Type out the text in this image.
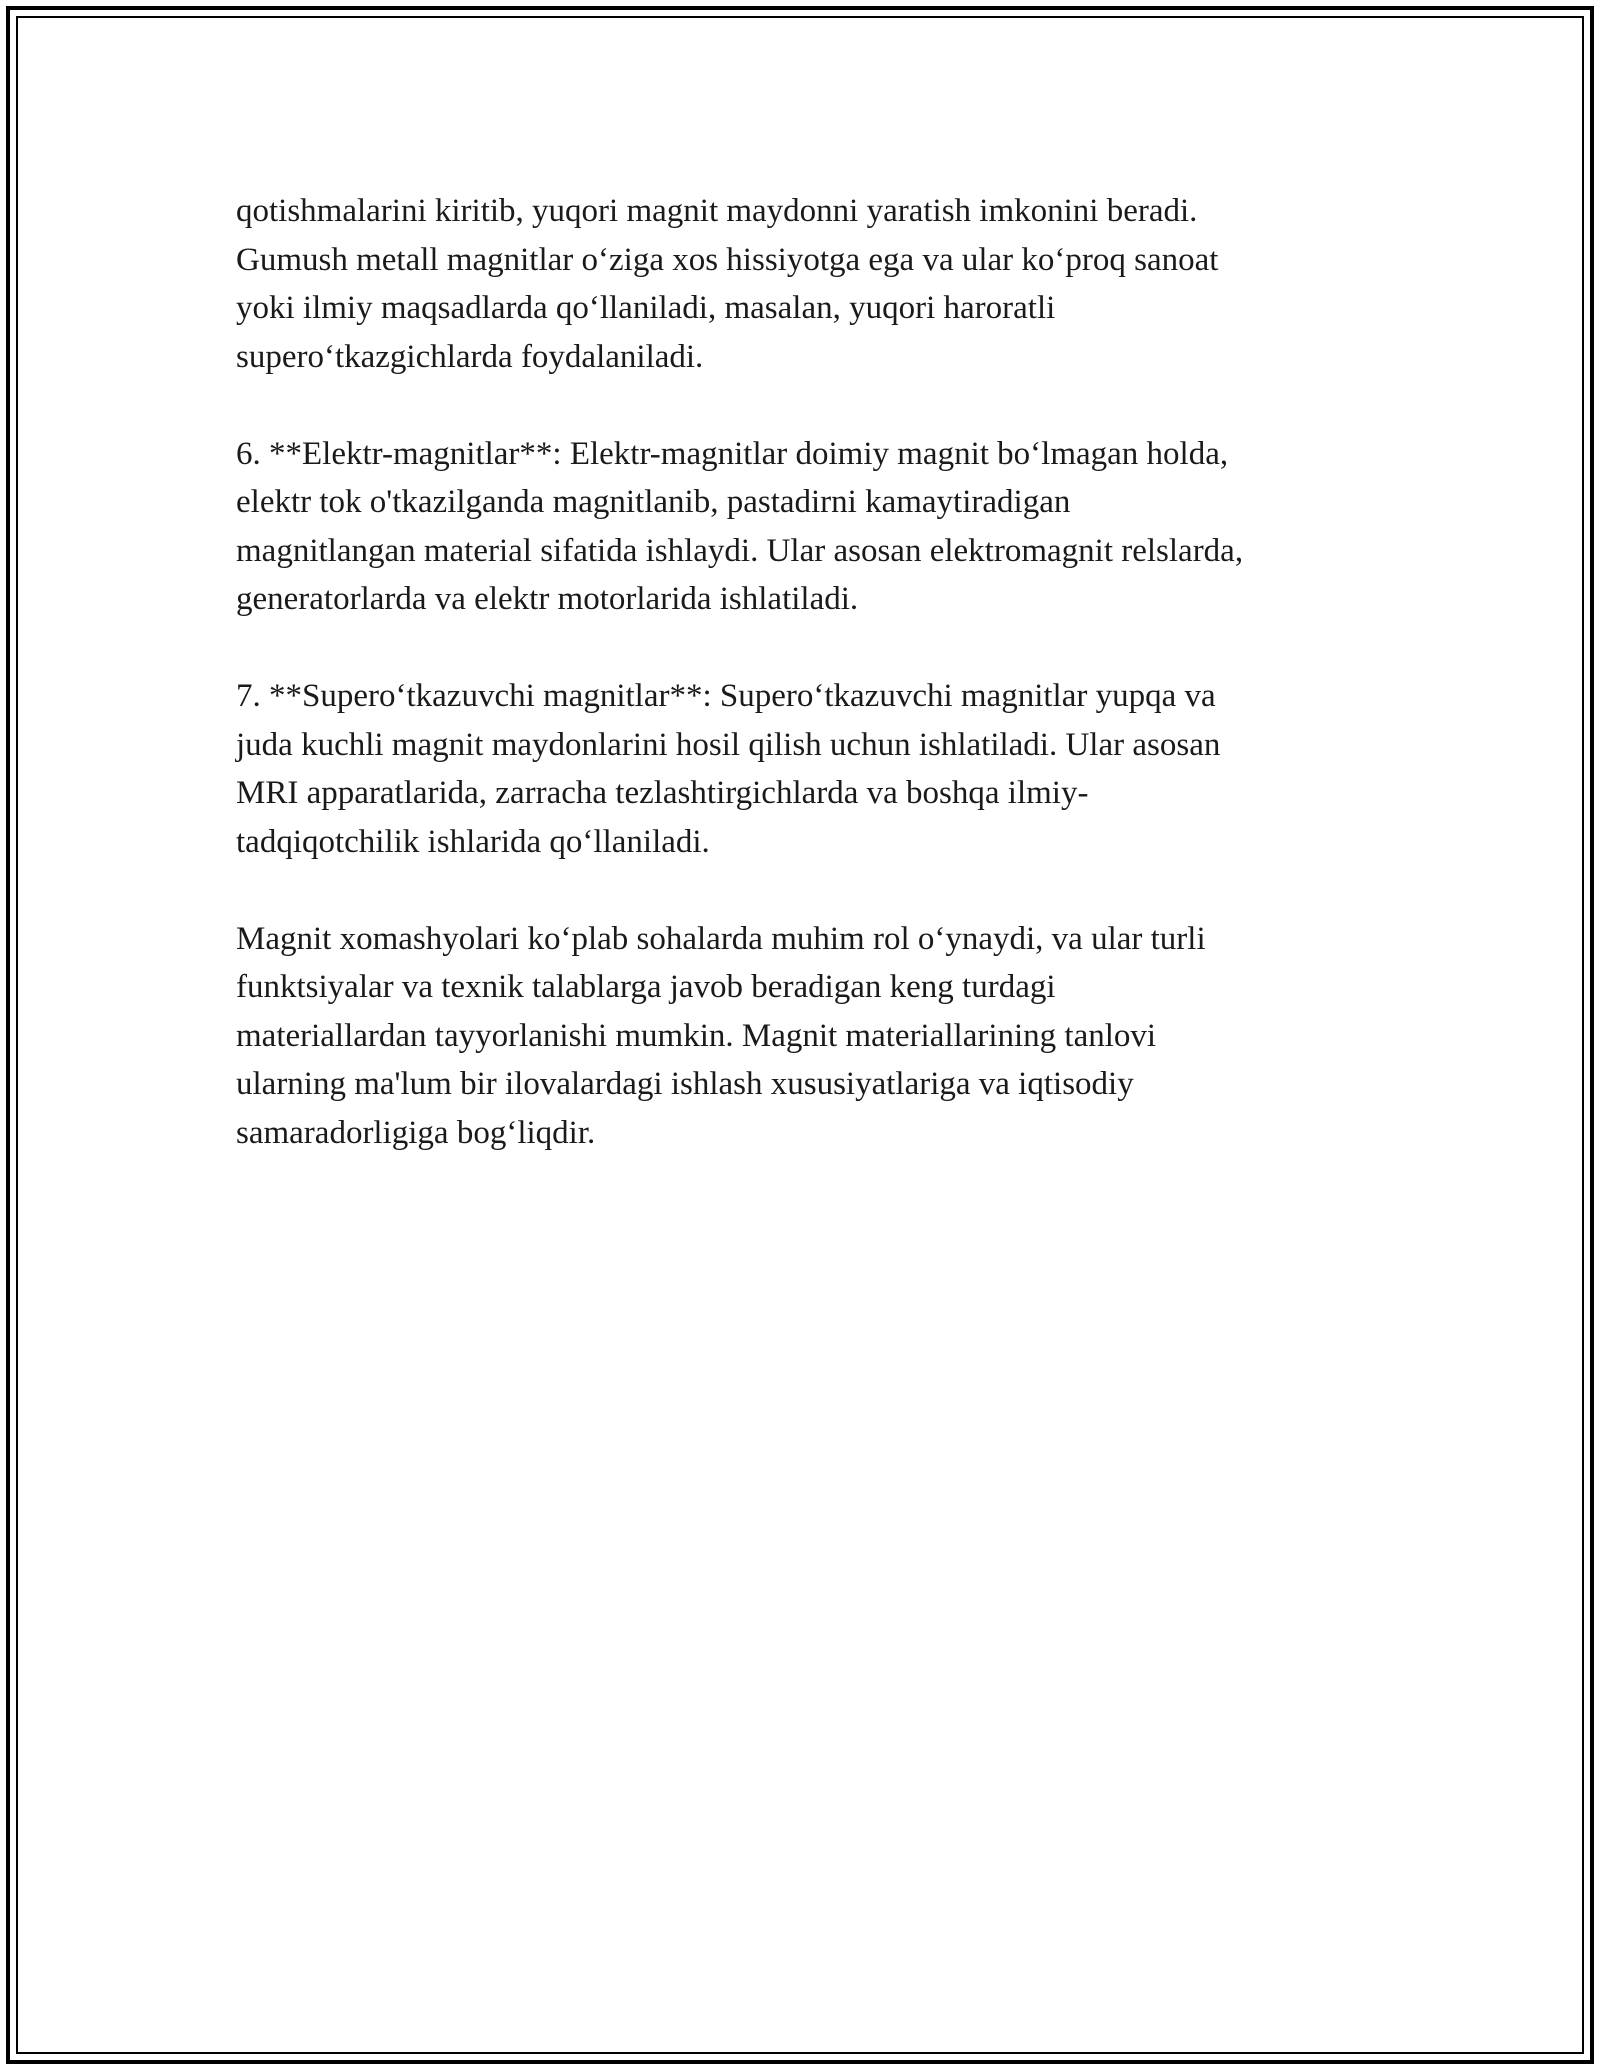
qotishmalarini kiritib, yuqori magnit maydonni yaratish imkonini beradi.
Gumush metall magnitlar o‘ziga xos hissiyotga ega va ular ko‘proq sanoat
yoki ilmiy maqsadlarda qo‘llaniladi, masalan, yuqori haroratli
supero‘tkazgichlarda foydalaniladi.
6. **Elektr-magnitlar**: Elektr-magnitlar doimiy magnit bo‘lmagan holda,
elektr tok o'tkazilganda magnitlanib, pastadirni kamaytiradigan
magnitlangan material sifatida ishlaydi. Ular asosan elektromagnit relslarda,
generatorlarda va elektr motorlarida ishlatiladi.
7. **Supero‘tkazuvchi magnitlar**: Supero‘tkazuvchi magnitlar yupqa va
juda kuchli magnit maydonlarini hosil qilish uchun ishlatiladi. Ular asosan
MRI apparatlarida, zarracha tezlashtirgichlarda va boshqa ilmiy-
tadqiqotchilik ishlarida qo‘llaniladi.
Magnit xomashyolari ko‘plab sohalarda muhim rol o‘ynaydi, va ular turli
funktsiyalar va texnik talablarga javob beradigan keng turdagi
materiallardan tayyorlanishi mumkin. Magnit materiallarining tanlovi
ularning ma'lum bir ilovalardagi ishlash xususiyatlariga va iqtisodiy
samaradorligiga bog‘liqdir.
